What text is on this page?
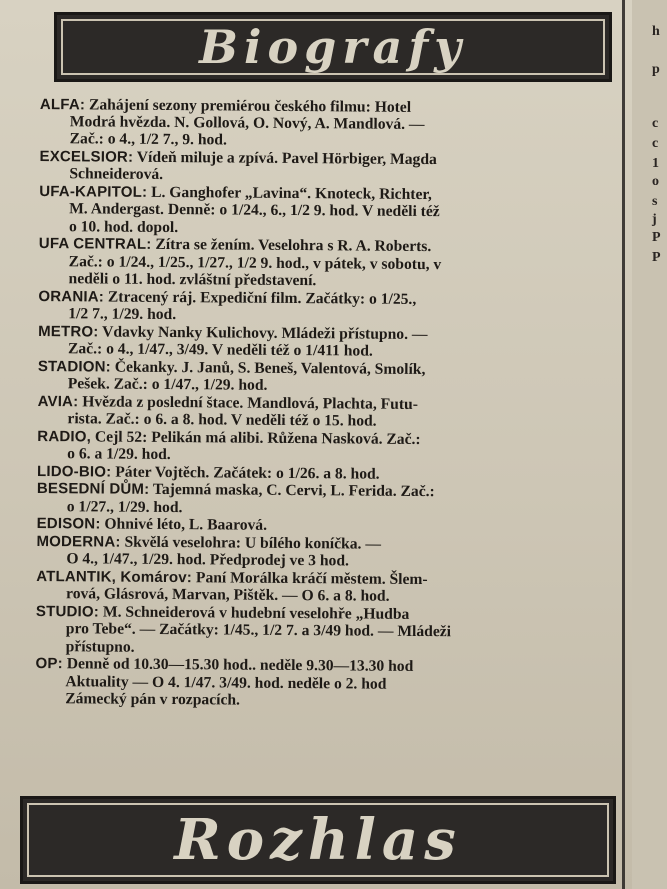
h
p
c
c
1
o
s
j
P
P
Biografy
ALFA: Zahájení sezony premiérou českého filmu: Hotel
Modrá hvězda. N. Gollová, O. Nový, A. Mandlová. —
Zač.: o 4., 1/2 7., 9. hod.
EXCELSIOR: Vídeň miluje a zpívá. Pavel Hörbiger, Magda
Schneiderová.
UFA-KAPITOL: L. Ganghofer „Lavina“. Knoteck, Richter,
M. Andergast. Denně: o 1/24., 6., 1/2 9. hod. V neděli též
o 10. hod. dopol.
UFA CENTRAL: Zítra se žením. Veselohra s R. A. Roberts.
Zač.: o 1/24., 1/25., 1/27., 1/2 9. hod., v pátek, v sobotu, v
neděli o 11. hod. zvláštní představení.
ORANIA: Ztracený ráj. Expediční film. Začátky: o 1/25.,
1/2 7., 1/29. hod.
METRO: Vdavky Nanky Kulichovy. Mládeži přístupno. —
Zač.: o 4., 1/47., 3/49. V neděli též o 1/411 hod.
STADION: Čekanky. J. Janů, S. Beneš, Valentová, Smolík,
Pešek. Zač.: o 1/47., 1/29. hod.
AVIA: Hvězda z poslední štace. Mandlová, Plachta, Futu-
rista. Zač.: o 6. a 8. hod. V neděli též o 15. hod.
RADIO, Cejl 52: Pelikán má alibi. Růžena Nasková. Zač.:
o 6. a 1/29. hod.
LIDO-BIO: Páter Vojtěch. Začátek: o 1/26. a 8. hod.
BESEDNÍ DŮM: Tajemná maska, C. Cervi, L. Ferida. Zač.:
o 1/27., 1/29. hod.
EDISON: Ohnivé léto, L. Baarová.
MODERNA: Skvělá veselohra: U bílého koníčka. —
O 4., 1/47., 1/29. hod. Předprodej ve 3 hod.
ATLANTIK, Komárov: Paní Morálka kráčí městem. Šlem-
rová, Glásrová, Marvan, Pištěk. — O 6. a 8. hod.
STUDIO: M. Schneiderová v hudební veselohře „Hudba
pro Tebe“. — Začátky: 1/45., 1/2 7. a 3/49 hod. — Mládeži
přístupno.
OP: Denně od 10.30—15.30 hod.. neděle 9.30—13.30 hod
Aktuality — O 4. 1/47. 3/49. hod. neděle o 2. hod
Zámecký pán v rozpacích.
Rozhlas
